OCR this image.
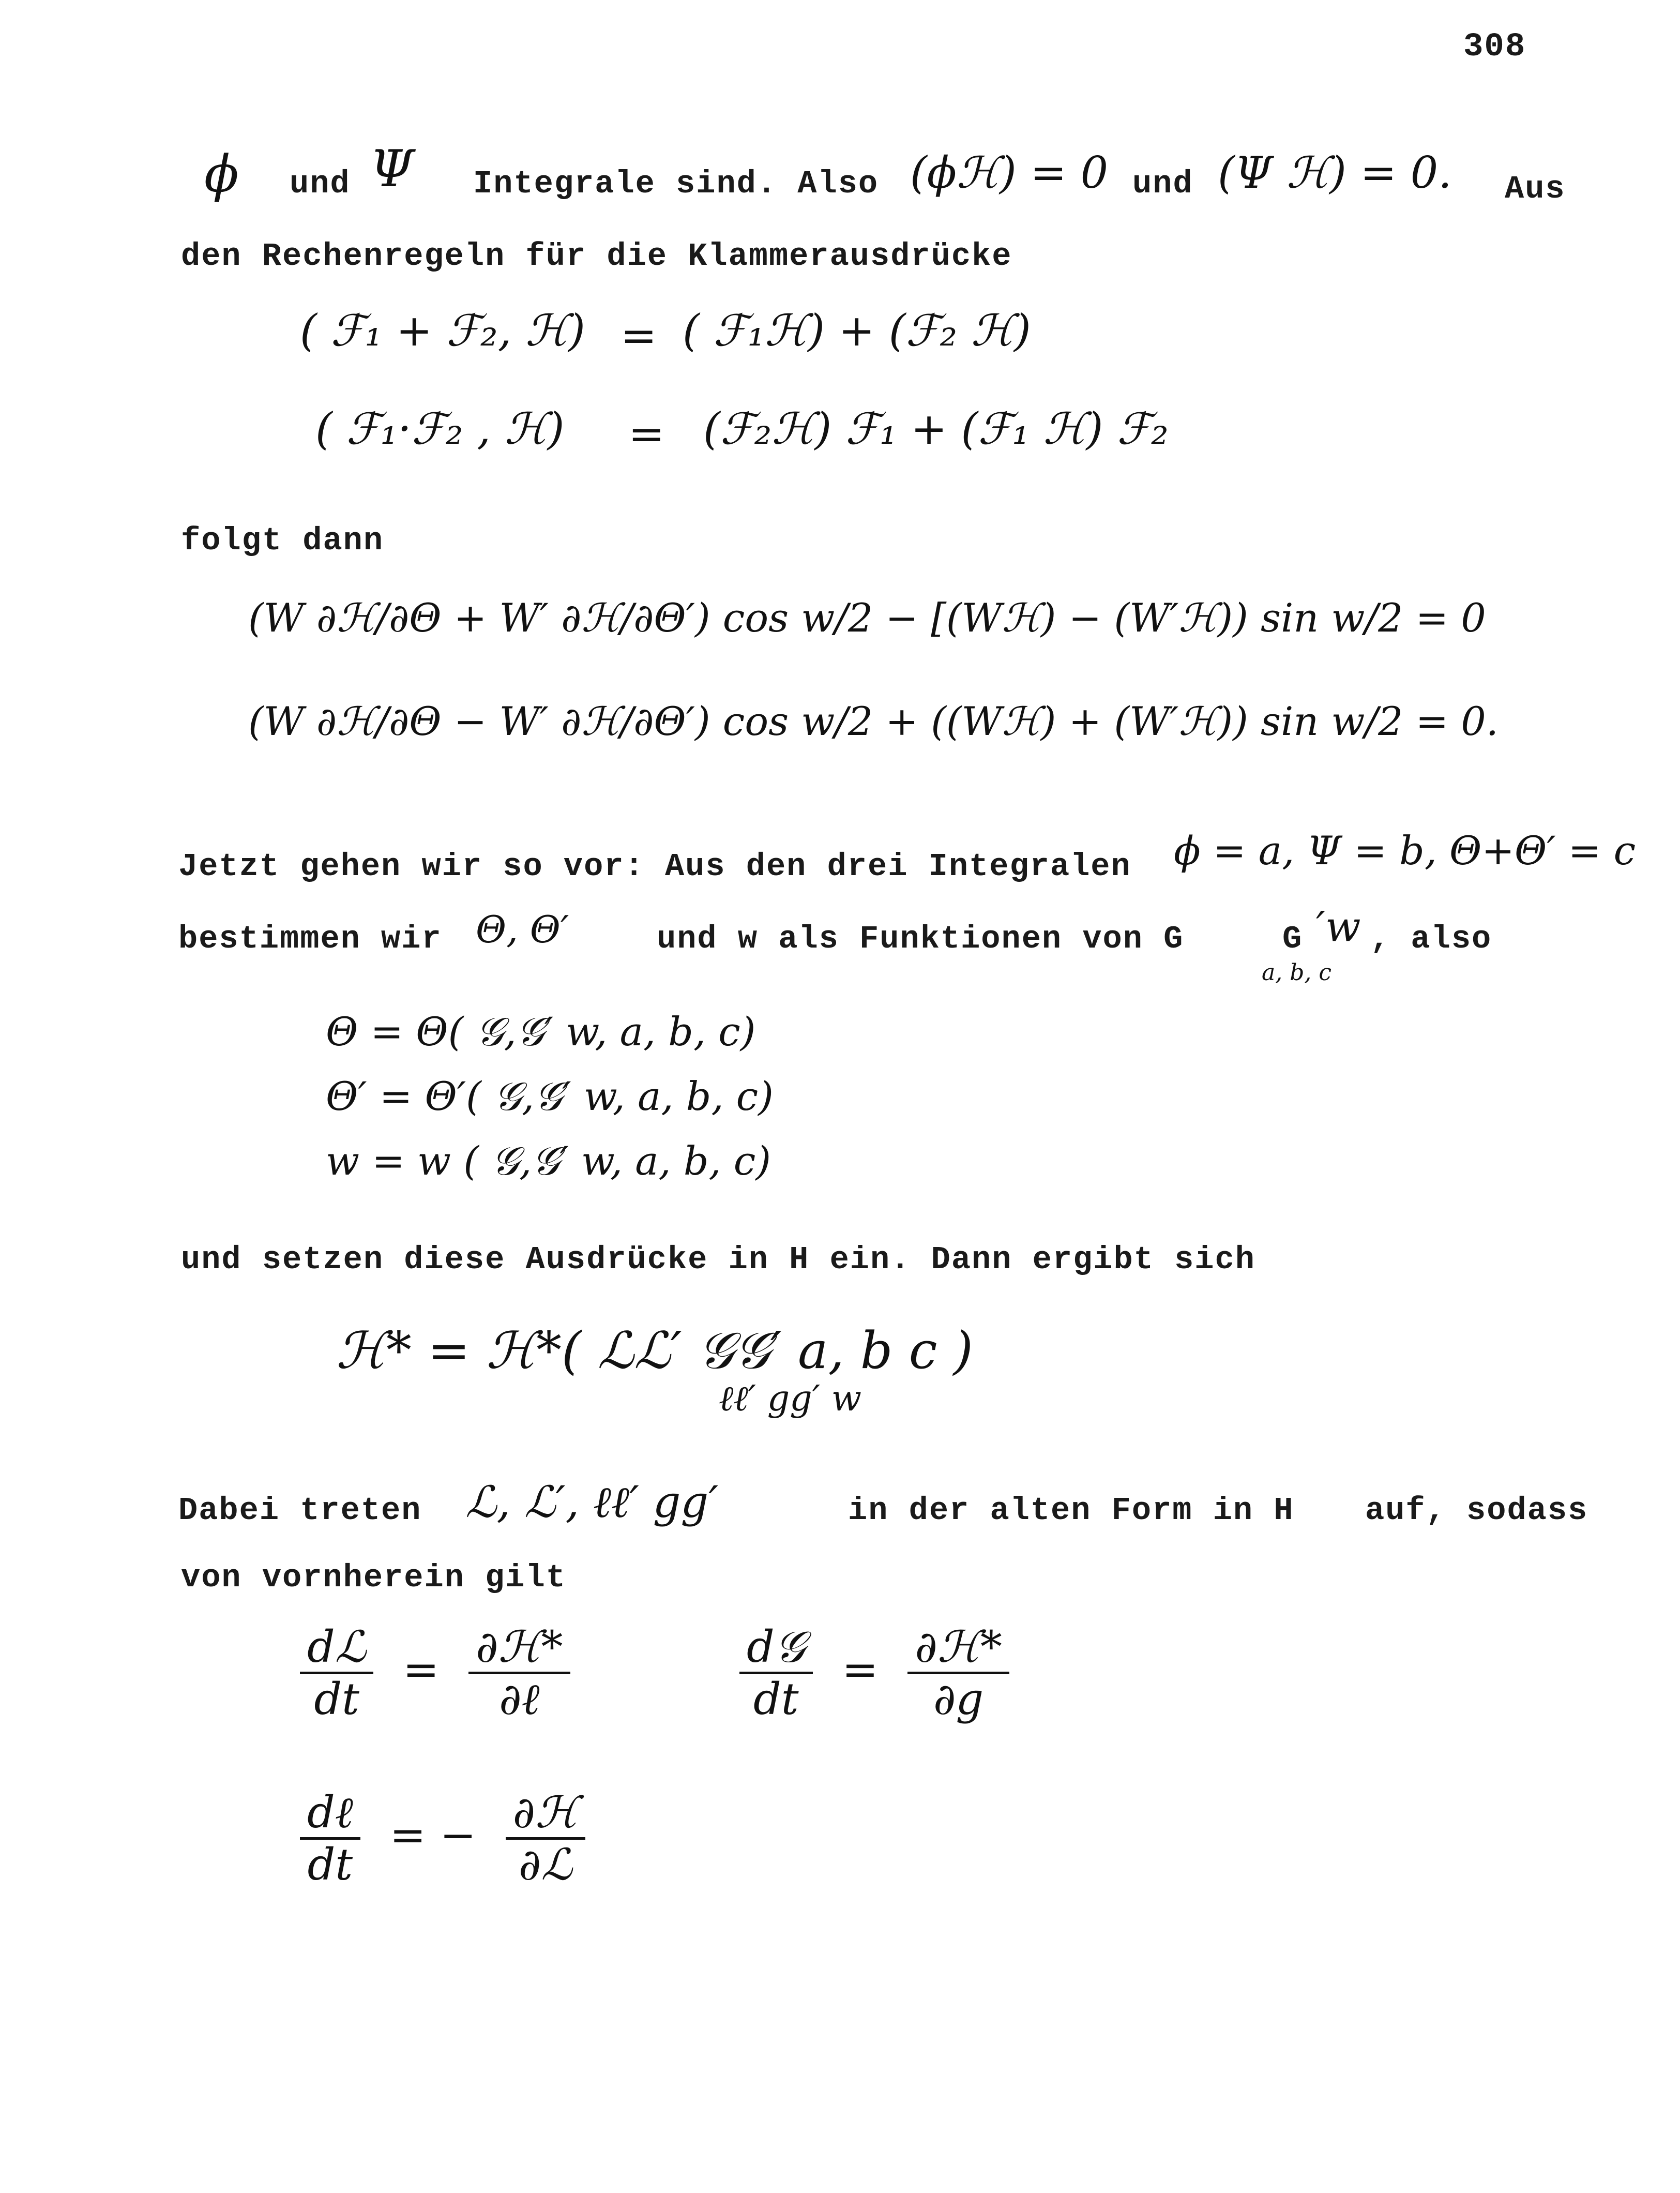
308
ϕ und Ψ Integrale sind. Also (ϕℋ) = 0 und (Ψ ℋ) = 0. Aus
den Rechenregeln für die Klammerausdrücke
( ℱ₁ + ℱ₂, ℋ) = ( ℱ₁ℋ) + (ℱ₂ ℋ)
( ℱ₁·ℱ₂ , ℋ) = (ℱ₂ℋ) ℱ₁ + (ℱ₁ ℋ) ℱ₂
folgt dann
(W ∂ℋ/∂Θ + W′ ∂ℋ/∂Θ′) cos w/2 − [(Wℋ) − (W′ℋ)) sin w/2 = 0
(W ∂ℋ/∂Θ − W′ ∂ℋ/∂Θ′) cos w/2 + ((Wℋ) + (W′ℋ)) sin w/2 = 0.
Jetzt gehen wir so vor: Aus den drei Integralen ϕ = a, Ψ = b, Θ+Θ′ = c
bestimmen wir Θ, Θ′	und w als Funktionen von G	G ′w
a, b, c
, also
Θ = Θ( 𝒢,𝒢′ w, a, b, c)
Θ′ = Θ′( 𝒢,𝒢′ w, a, b, c)
w = w ( 𝒢,𝒢′ w, a, b, c)
und setzen diese Ausdrücke in H ein. Dann ergibt sich
ℋ* = ℋ*( ℒℒ′ 𝒢𝒢′ a, b c )
ℓℓ′ 𝑔𝑔′ w
Dabei treten ℒ, ℒ′, ℓℓ′ 𝑔𝑔′	in der alten Form in H auf, sodass
von vornherein gilt
$\frac{\text{dℒ}}{dt} = \frac{\text{∂ℋ*}}{\text{∂ℓ}}$	$\frac{\text{d𝒢}}{dt} = \frac{\text{∂ℋ*}}{\text{∂𝑔}}$
$\frac{\text{dℓ}}{dt}$ = − $\frac{\text{∂ℋ}}{\text{∂ℒ}}$
